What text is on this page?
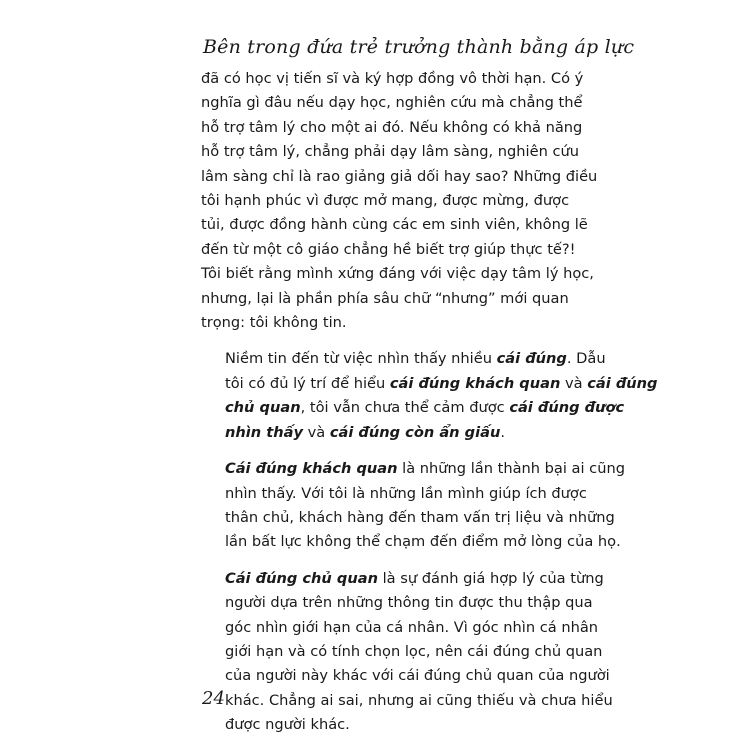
Bên trong đứa trẻ trưởng thành bằng áp lực

đã có học vị tiến sĩ và ký hợp đồng vô thời hạn. Có ý
nghĩa gì đâu nếu dạy học, nghiên cứu mà chẳng thể
hỗ trợ tâm lý cho một ai đó. Nếu không có khả năng
hỗ trợ tâm lý, chẳng phải dạy lâm sàng, nghiên cứu
lâm sàng chỉ là rao giảng giả dối hay sao? Những điều
tôi hạnh phúc vì được mở mang, được mừng, được
tủi, được đồng hành cùng các em sinh viên, không lẽ
đến từ một cô giáo chẳng hề biết trợ giúp thực tế?!
Tôi biết rằng mình xứng đáng với việc dạy tâm lý học,
nhưng, lại là phần phía sâu chữ “nhưng” mới quan
trọng: tôi không tin.

Niềm tin đến từ việc nhìn thấy nhiều cái đúng. Dẫu
tôi có đủ lý trí để hiểu cái đúng khách quan và cái đúng
chủ quan, tôi vẫn chưa thể cảm được cái đúng được
nhìn thấy và cái đúng còn ẩn giấu.

Cái đúng khách quan là những lần thành bại ai cũng
nhìn thấy. Với tôi là những lần mình giúp ích được
thân chủ, khách hàng đến tham vấn trị liệu và những
lần bất lực không thể chạm đến điểm mở lòng của họ.

Cái đúng chủ quan là sự đánh giá hợp lý của từng
người dựa trên những thông tin được thu thập qua
góc nhìn giới hạn của cá nhân. Vì góc nhìn cá nhân
giới hạn và có tính chọn lọc, nên cái đúng chủ quan
của người này khác với cái đúng chủ quan của người
khác. Chẳng ai sai, nhưng ai cũng thiếu và chưa hiểu
được người khác.

24
